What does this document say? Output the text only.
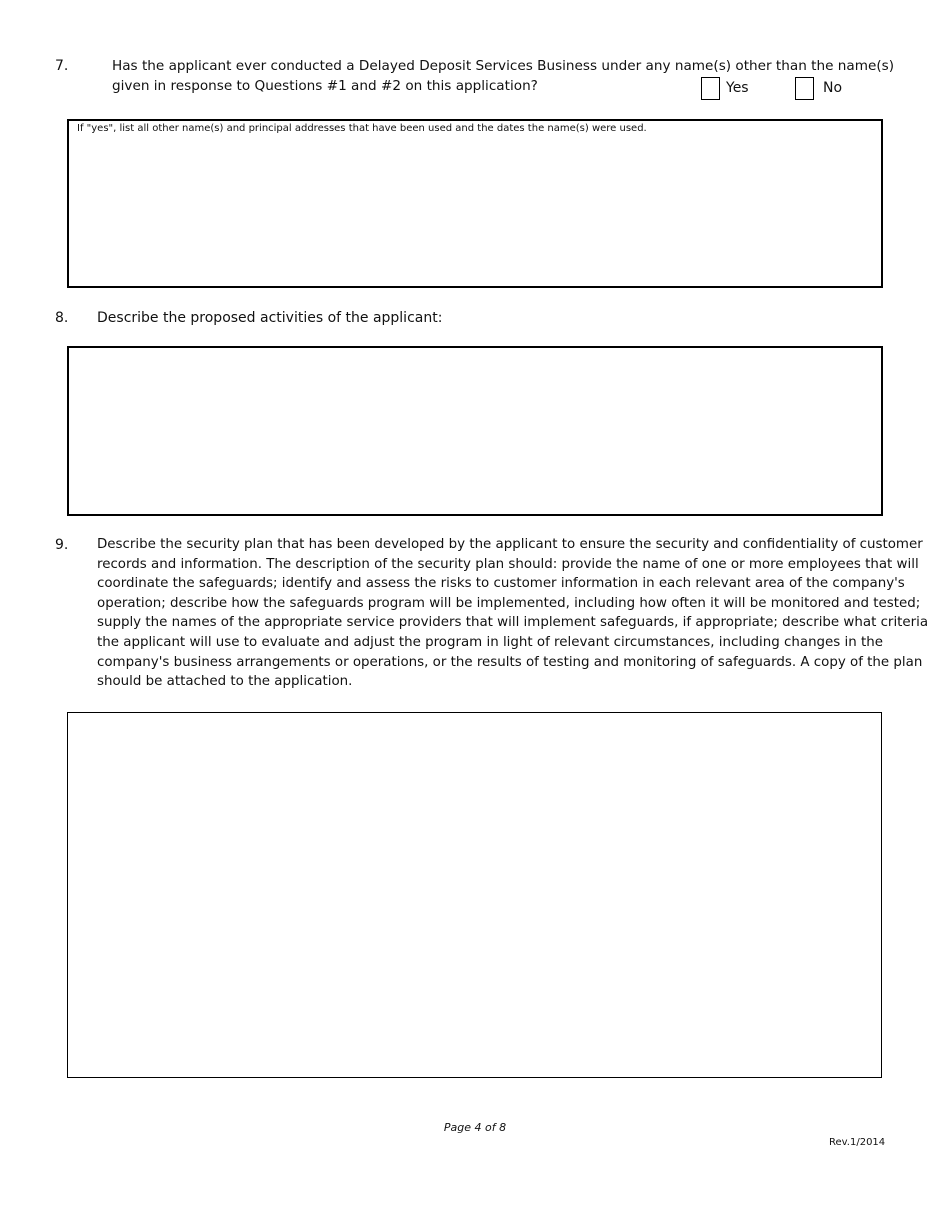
7.	Has the applicant ever conducted a Delayed Deposit Services Business under any name(s) other than the name(s)
given in response to Questions #1 and #2 on this application?	Yes	No
If "yes", list all other name(s) and principal addresses that have been used and the dates the name(s) were used.
8. Describe the proposed activities of the applicant:
9. Describe the security plan that has been developed by the applicant to ensure the security and confidentiality of customer
records and information. The description of the security plan should: provide the name of one or more employees that will
coordinate the safeguards; identify and assess the risks to customer information in each relevant area of the company's
operation; describe how the safeguards program will be implemented, including how often it will be monitored and tested;
supply the names of the appropriate service providers that will implement safeguards, if appropriate; describe what criteria
the applicant will use to evaluate and adjust the program in light of relevant circumstances, including changes in the
company's business arrangements or operations, or the results of testing and monitoring of safeguards. A copy of the plan
should be attached to the application.
Page 4 of 8
Rev.1/2014
